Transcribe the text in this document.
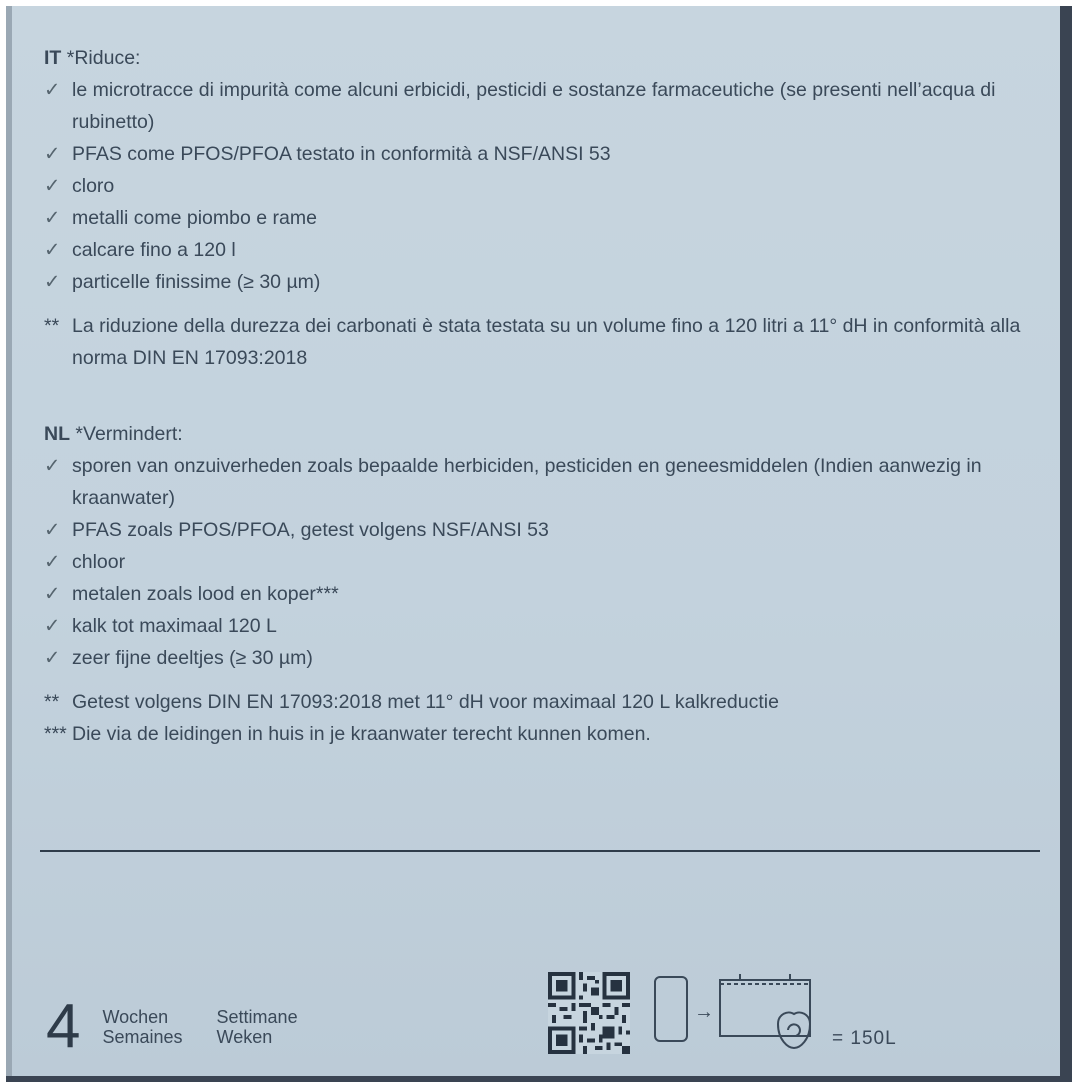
IT *Riduce:
✓ le microtracce di impurità come alcuni erbicidi, pesticidi e sostanze farmaceutiche (se presenti nell’acqua di rubinetto)
✓ PFAS come PFOS/PFOA testato in conformità a NSF/ANSI 53
✓ cloro
✓ metalli come piombo e rame
✓ calcare fino a 120 l
✓ particelle finissime (≥ 30 µm)
** La riduzione della durezza dei carbonati è stata testata su un volume fino a 120 litri a 11° dH in conformità alla norma DIN EN 17093:2018
NL *Vermindert:
✓ sporen van onzuiverheden zoals bepaalde herbiciden, pesticiden en geneesmiddelen (Indien aanwezig in kraanwater)
✓ PFAS zoals PFOS/PFOA, getest volgens NSF/ANSI 53
✓ chloor
✓ metalen zoals lood en koper***
✓ kalk tot maximaal 120 L
✓ zeer fijne deeltjes (≥ 30 µm)
** Getest volgens DIN EN 17093:2018 met 11° dH voor maximaal 120 L kalkreductie
*** Die via de leidingen in huis in je kraanwater terecht kunnen komen.
4 Wochen
Semaines
Settimane
Weken
→
= 150L
